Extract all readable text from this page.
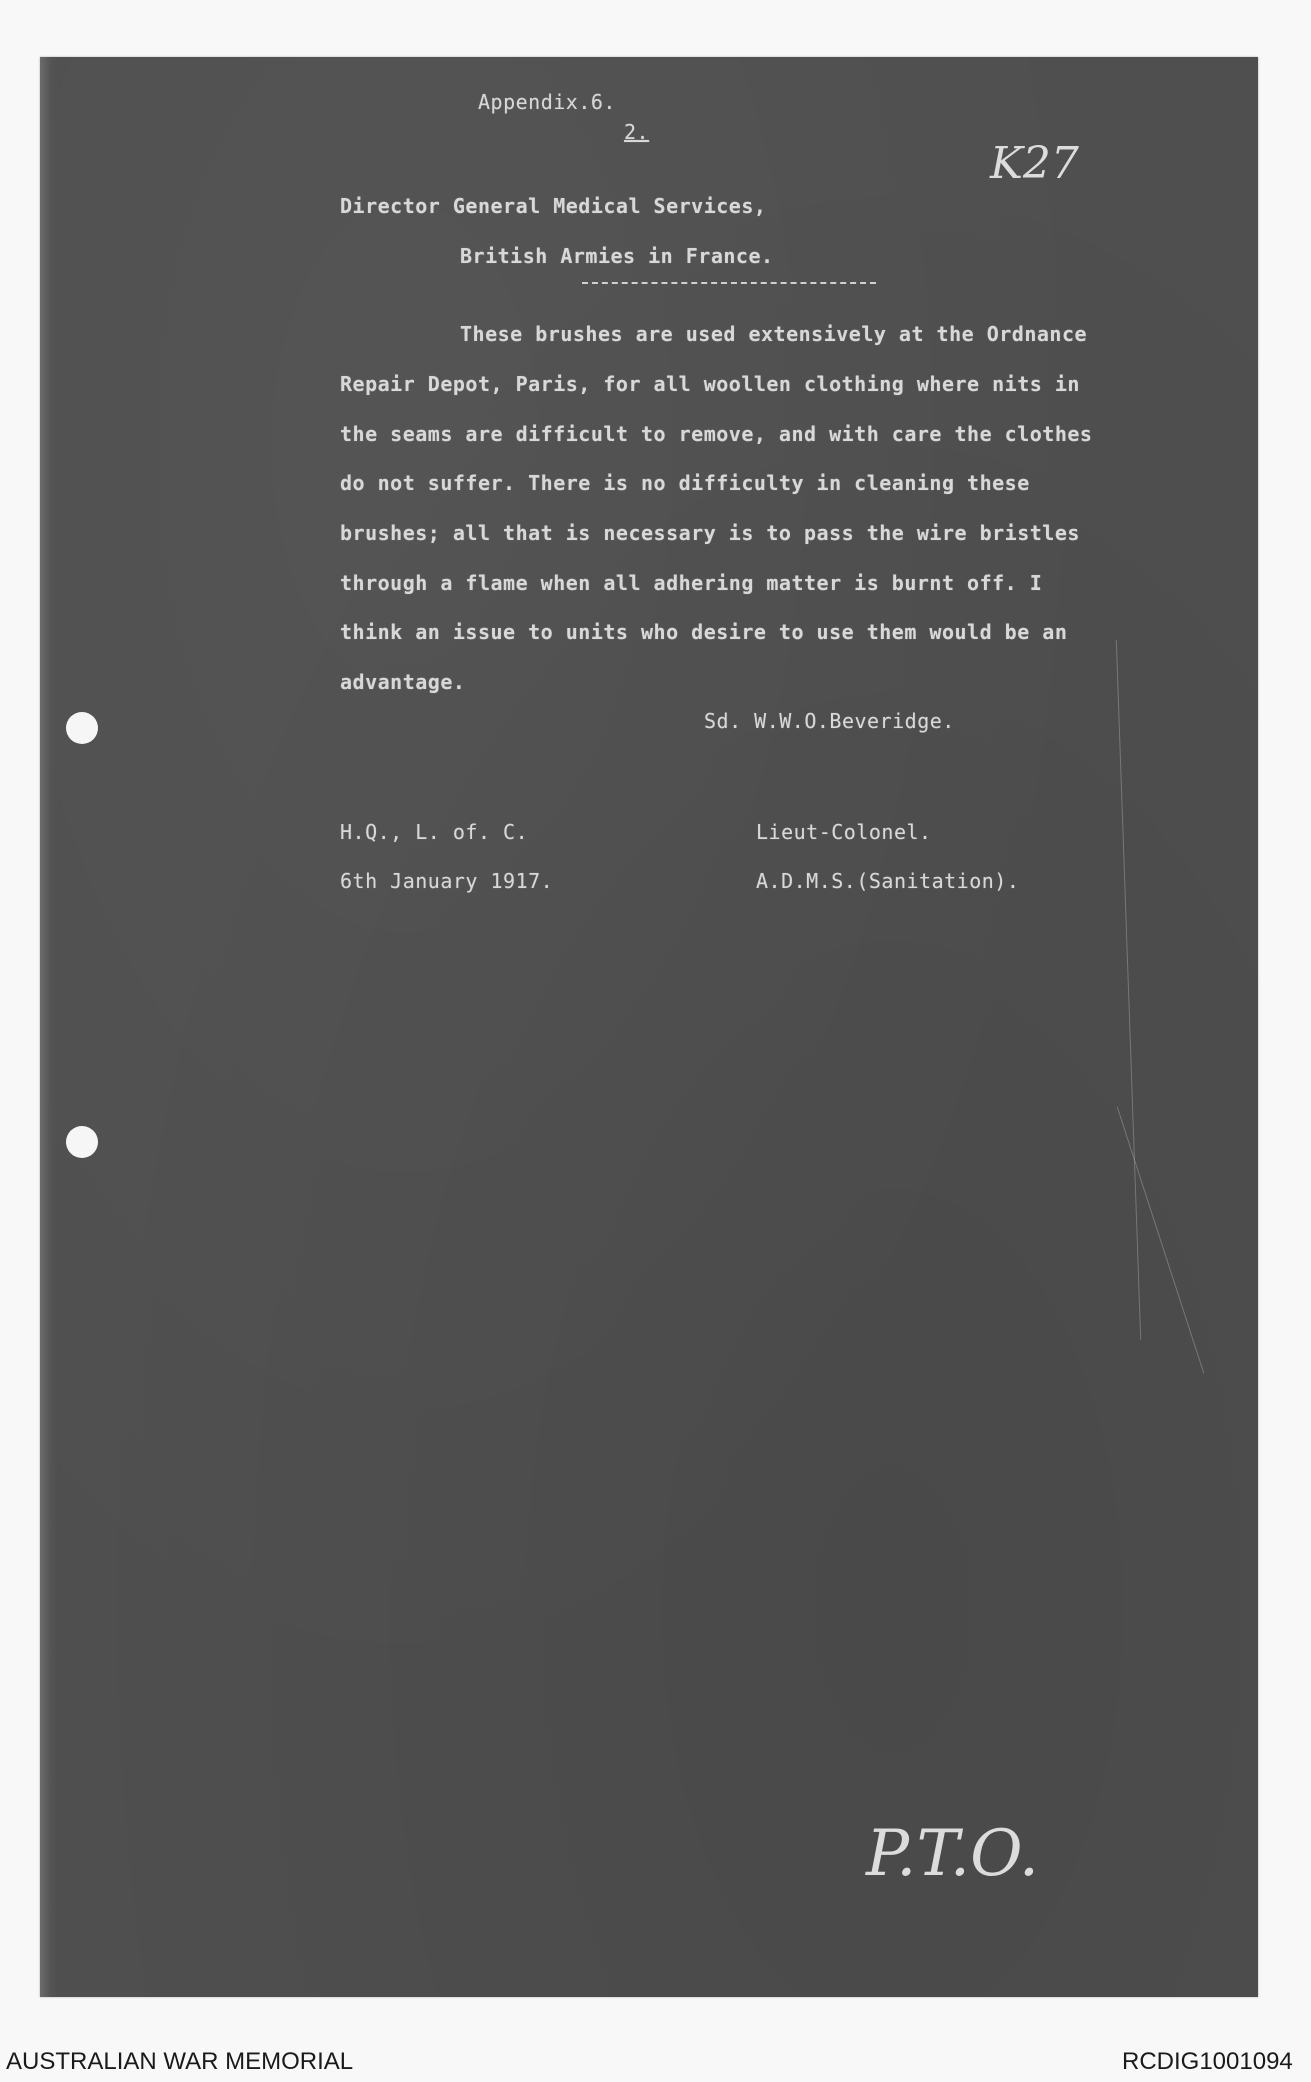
Appendix.6.
2.
K27
Director General Medical Services,
British Armies in France.
These brushes are used extensively at the Ordnance
Repair Depot, Paris, for all woollen clothing where nits in
the seams are difficult to remove, and with care the clothes
do not suffer. There is no difficulty in cleaning these
brushes; all that is necessary is to pass the wire bristles
through a flame when all adhering matter is burnt off. I
think an issue to units who desire to use them would be an
advantage.
Sd. W.W.O.Beveridge.
H.Q., L. of. C.
6th January 1917.
Lieut-Colonel.
A.D.M.S.(Sanitation).
P.T.O.
AUSTRALIAN WAR MEMORIAL	RCDIG1001094
